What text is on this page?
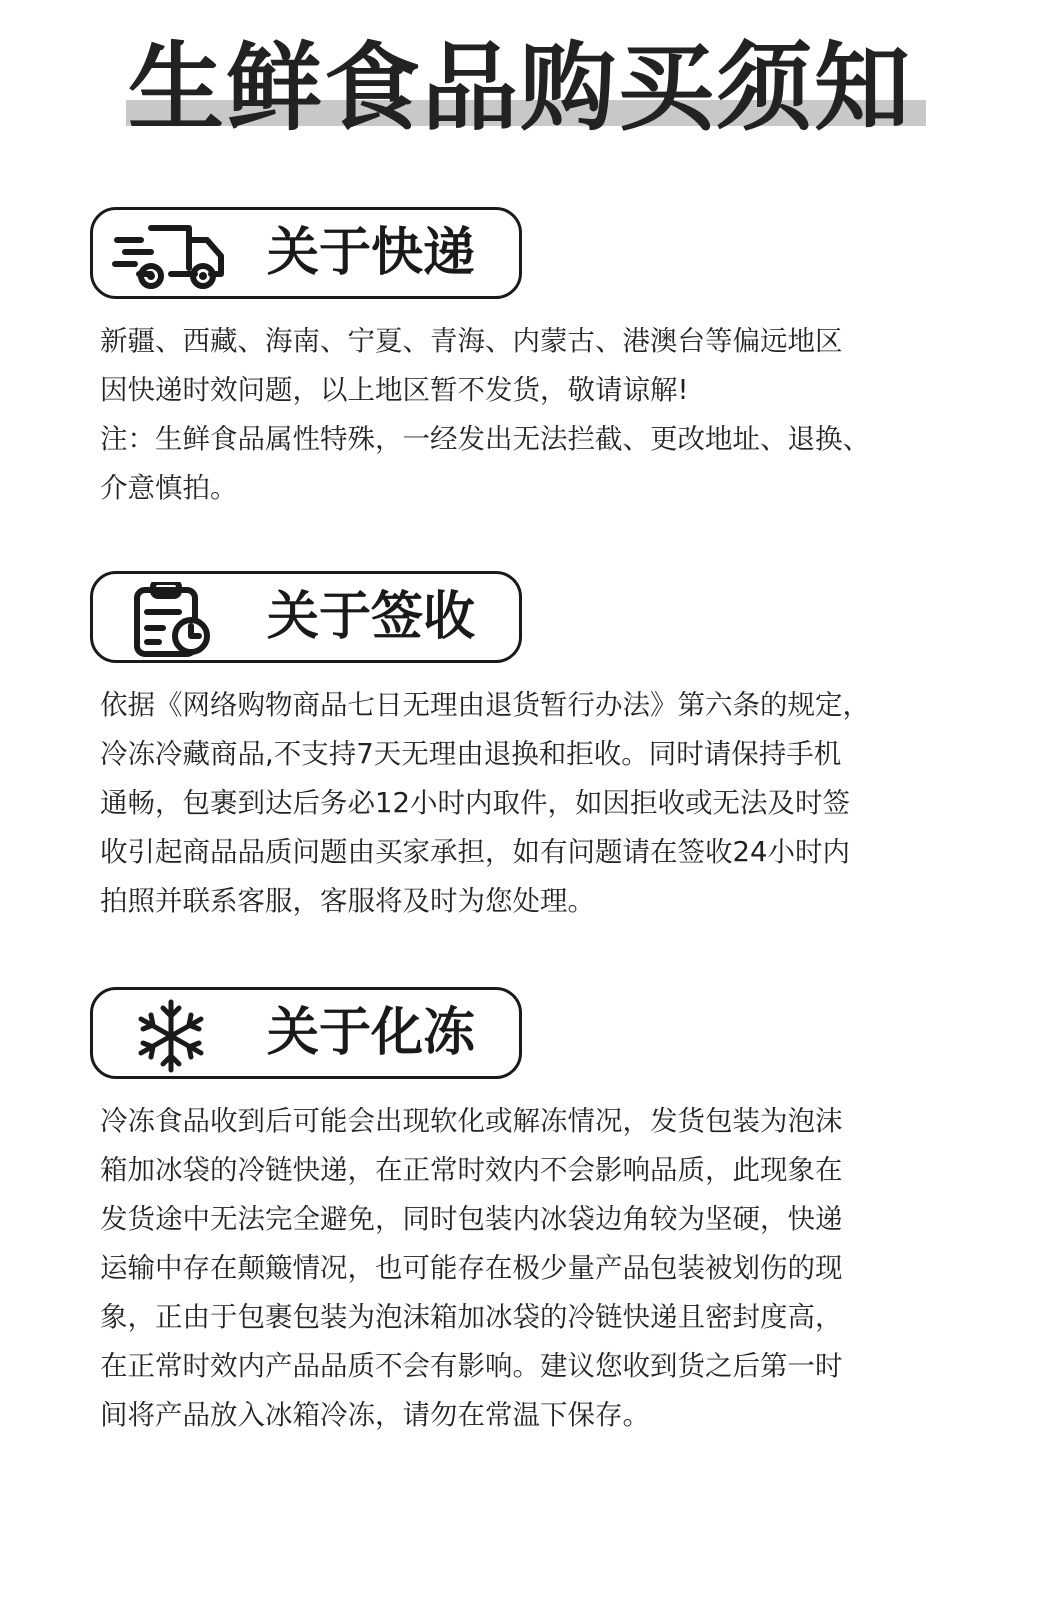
生鲜食品购买须知
关于快递
新疆、西藏、海南、宁夏、青海、内蒙古、港澳台等偏远地区
因快递时效问题，以上地区暂不发货，敬请谅解!
注：生鲜食品属性特殊，一经发出无法拦截、更改地址、退换、
介意慎拍。
关于签收
依据《网络购物商品七日无理由退货暂行办法》第六条的规定，
冷冻冷藏商品,不支持7天无理由退换和拒收。同时请保持手机
通畅，包裹到达后务必12小时内取件，如因拒收或无法及时签
收引起商品品质问题由买家承担，如有问题请在签收24小时内
拍照并联系客服，客服将及时为您处理。
关于化冻
冷冻食品收到后可能会出现软化或解冻情况，发货包装为泡沫
箱加冰袋的冷链快递，在正常时效内不会影响品质，此现象在
发货途中无法完全避免，同时包装内冰袋边角较为坚硬，快递
运输中存在颠簸情况，也可能存在极少量产品包装被划伤的现
象，正由于包裹包装为泡沫箱加冰袋的冷链快递且密封度高，
在正常时效内产品品质不会有影响。建议您收到货之后第一时
间将产品放入冰箱冷冻，请勿在常温下保存。
